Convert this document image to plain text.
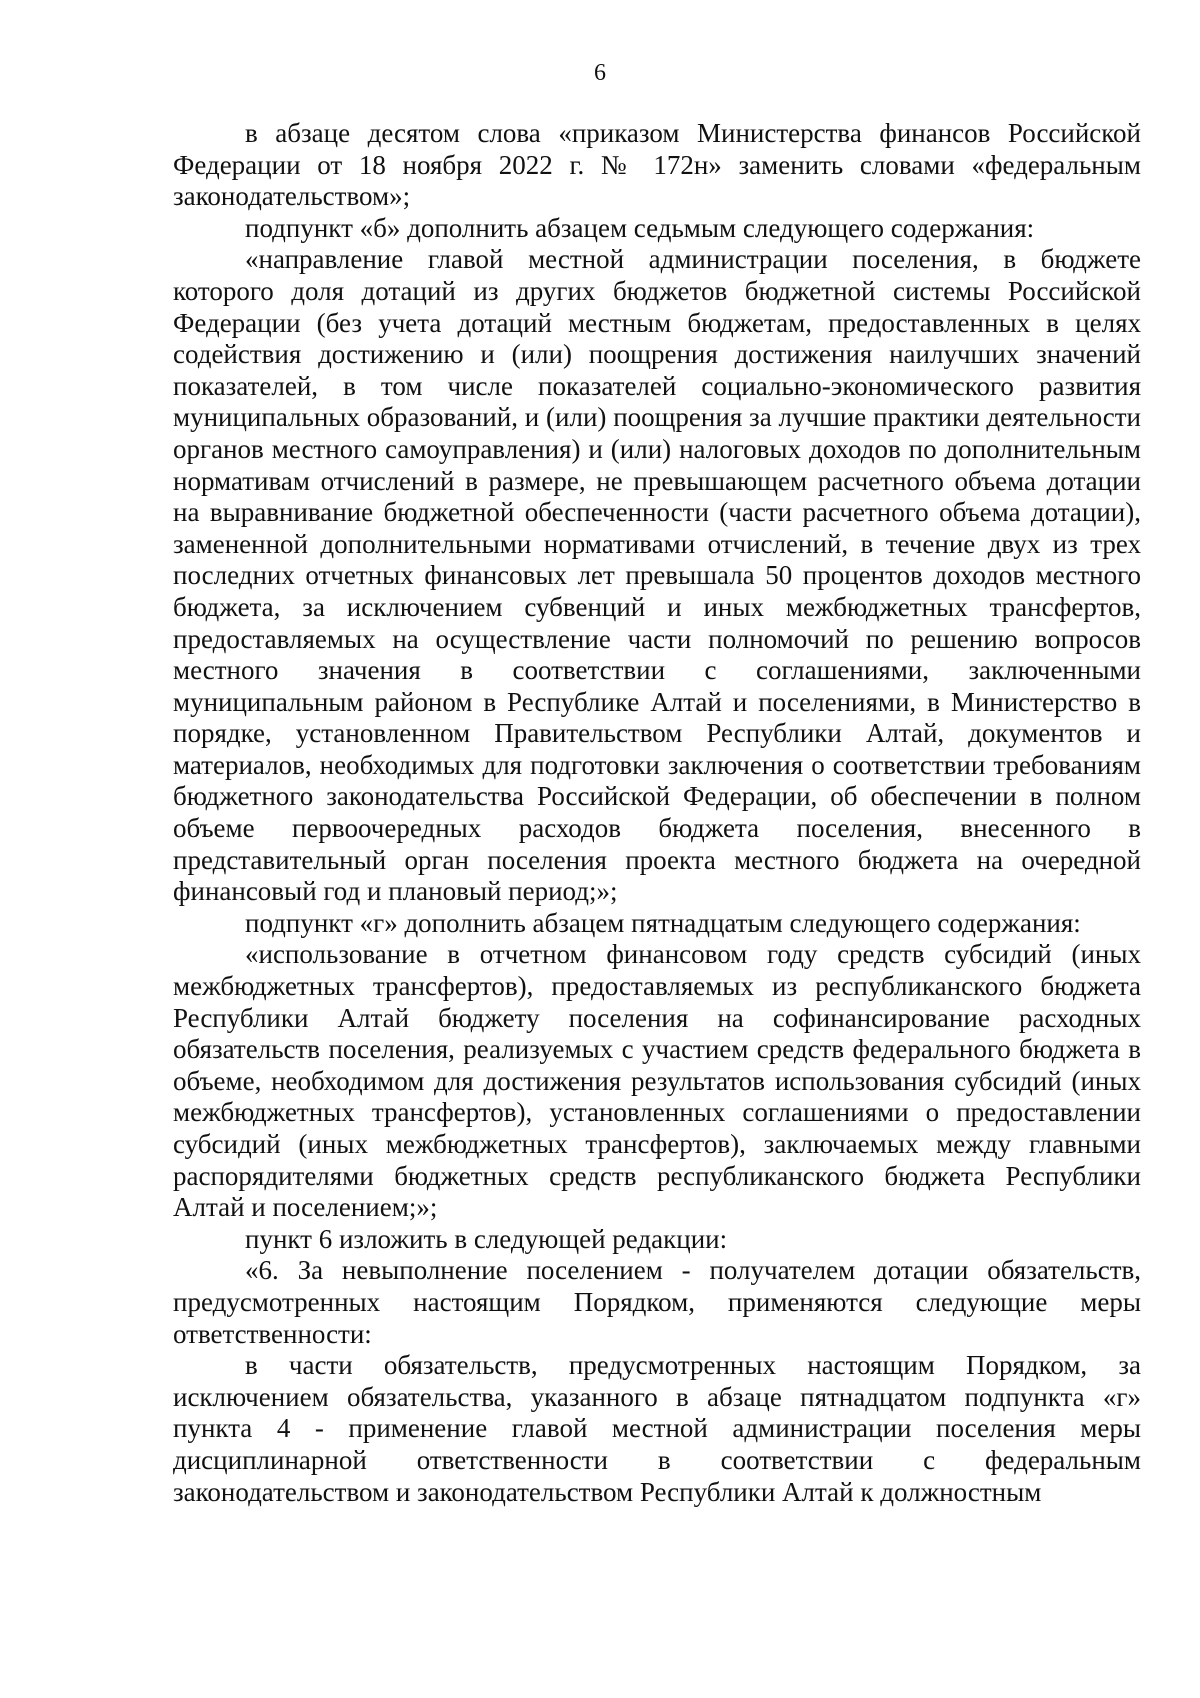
6

в абзаце десятом слова «приказом Министерства финансов Российской Федерации от 18 ноября 2022 г. № 172н» заменить словами «федеральным законодательством»;

подпункт «б» дополнить абзацем седьмым следующего содержания:

«направление главой местной администрации поселения, в бюджете которого доля дотаций из других бюджетов бюджетной системы Российской Федерации (без учета дотаций местным бюджетам, предоставленных в целях содействия достижению и (или) поощрения достижения наилучших значений показателей, в том числе показателей социально-экономического развития муниципальных образований, и (или) поощрения за лучшие практики деятельности органов местного самоуправления) и (или) налоговых доходов по дополнительным нормативам отчислений в размере, не превышающем расчетного объема дотации на выравнивание бюджетной обеспеченности (части расчетного объема дотации), замененной дополнительными нормативами отчислений, в течение двух из трех последних отчетных финансовых лет превышала 50 процентов доходов местного бюджета, за исключением субвенций и иных межбюджетных трансфертов, предоставляемых на осуществление части полномочий по решению вопросов местного значения в соответствии с соглашениями, заключенными муниципальным районом в Республике Алтай и поселениями, в Министерство в порядке, установленном Правительством Республики Алтай, документов и материалов, необходимых для подготовки заключения о соответствии требованиям бюджетного законодательства Российской Федерации, об обеспечении в полном объеме первоочередных расходов бюджета поселения, внесенного в представительный орган поселения проекта местного бюджета на очередной финансовый год и плановый период;»;

подпункт «г» дополнить абзацем пятнадцатым следующего содержания:

«использование в отчетном финансовом году средств субсидий (иных межбюджетных трансфертов), предоставляемых из республиканского бюджета Республики Алтай бюджету поселения на софинансирование расходных обязательств поселения, реализуемых с участием средств федерального бюджета в объеме, необходимом для достижения результатов использования субсидий (иных межбюджетных трансфертов), установленных соглашениями о предоставлении субсидий (иных межбюджетных трансфертов), заключаемых между главными распорядителями бюджетных средств республиканского бюджета Республики Алтай и поселением;»;

пункт 6 изложить в следующей редакции:

«6. За невыполнение поселением - получателем дотации обязательств, предусмотренных настоящим Порядком, применяются следующие меры ответственности:

в части обязательств, предусмотренных настоящим Порядком, за исключением обязательства, указанного в абзаце пятнадцатом подпункта «г» пункта 4 - применение главой местной администрации поселения меры дисциплинарной ответственности в соответствии с федеральным законодательством и законодательством Республики Алтай к должностным
